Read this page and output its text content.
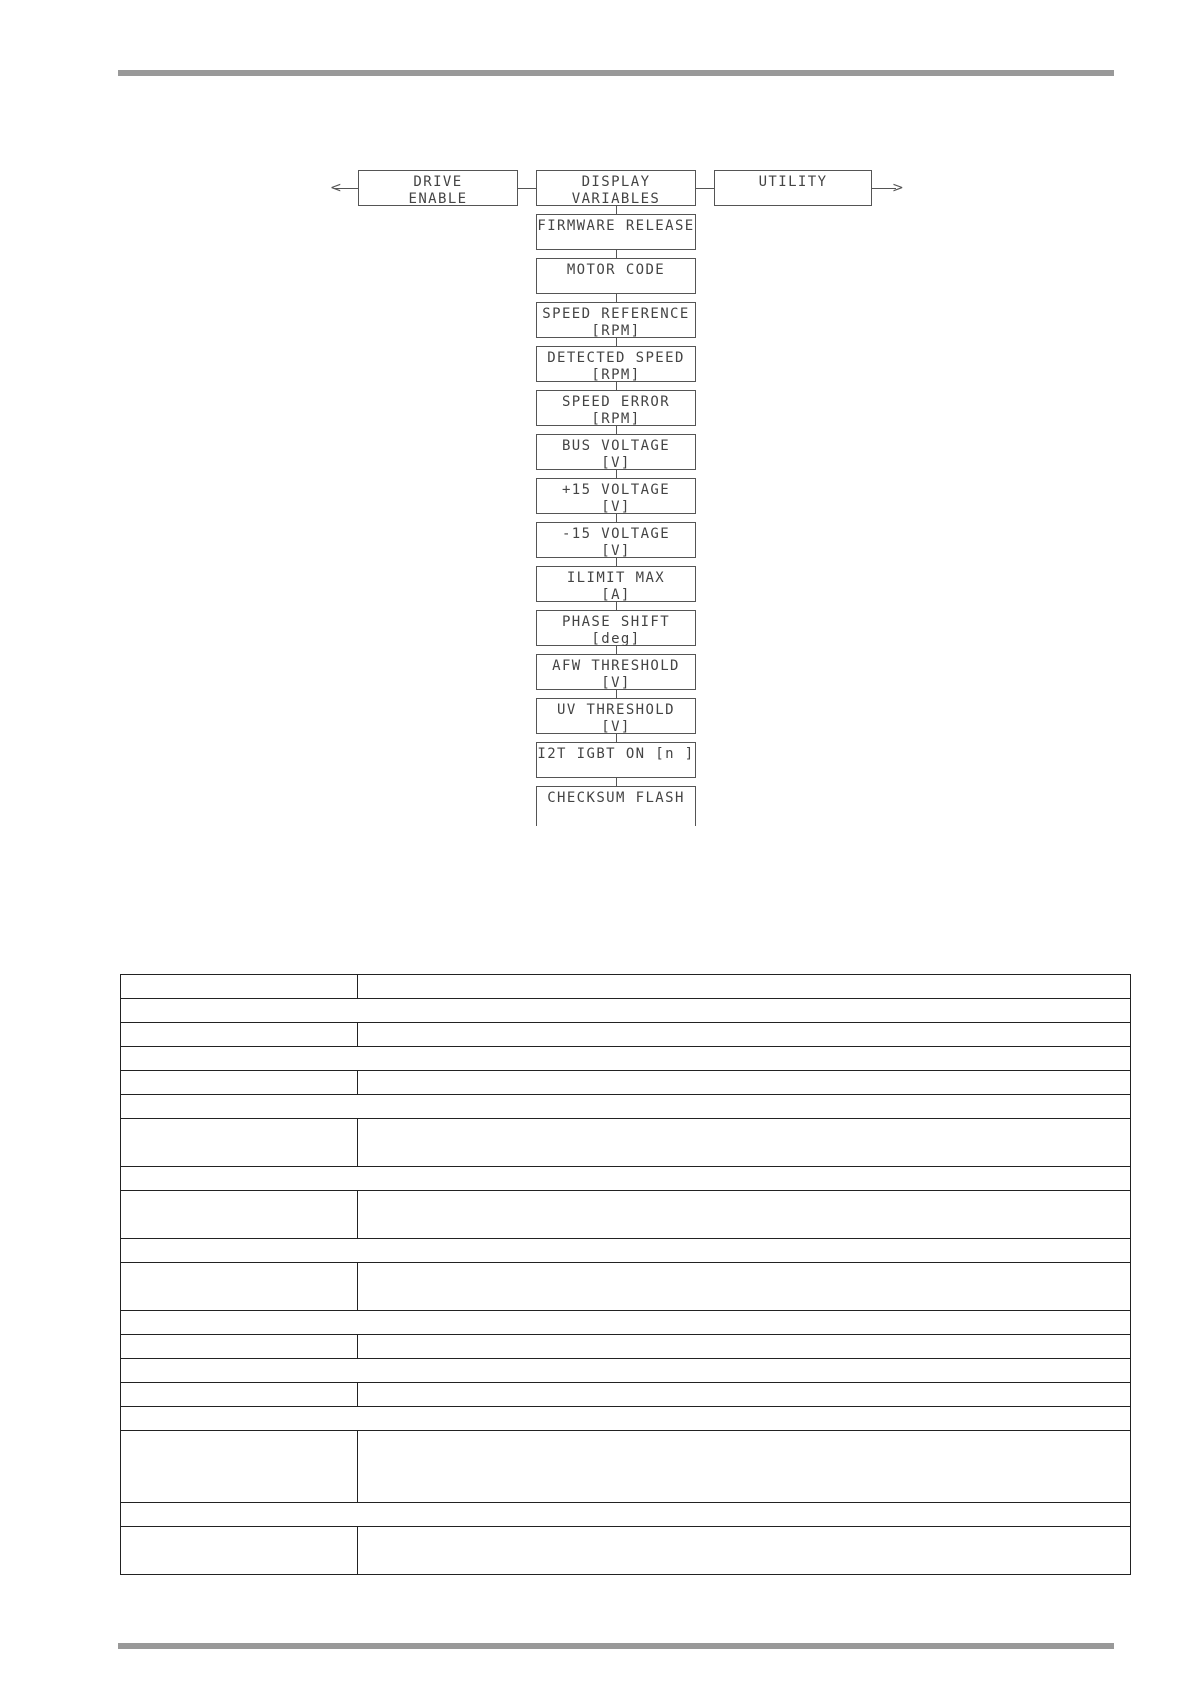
<	>
DRIVE
ENABLE
DISPLAY
VARIABLES
UTILITY
FIRMWARE RELEASE
MOTOR CODE
SPEED REFERENCE
[RPM]
DETECTED SPEED
[RPM]
SPEED ERROR
[RPM]
BUS VOLTAGE
[V]
+15 VOLTAGE
[V]
-15 VOLTAGE
[V]
ILIMIT MAX
[A]
PHASE SHIFT
[deg]
AFW THRESHOLD
[V]
UV THRESHOLD
[V]
I2T IGBT ON [n ]
CHECKSUM FLASH
